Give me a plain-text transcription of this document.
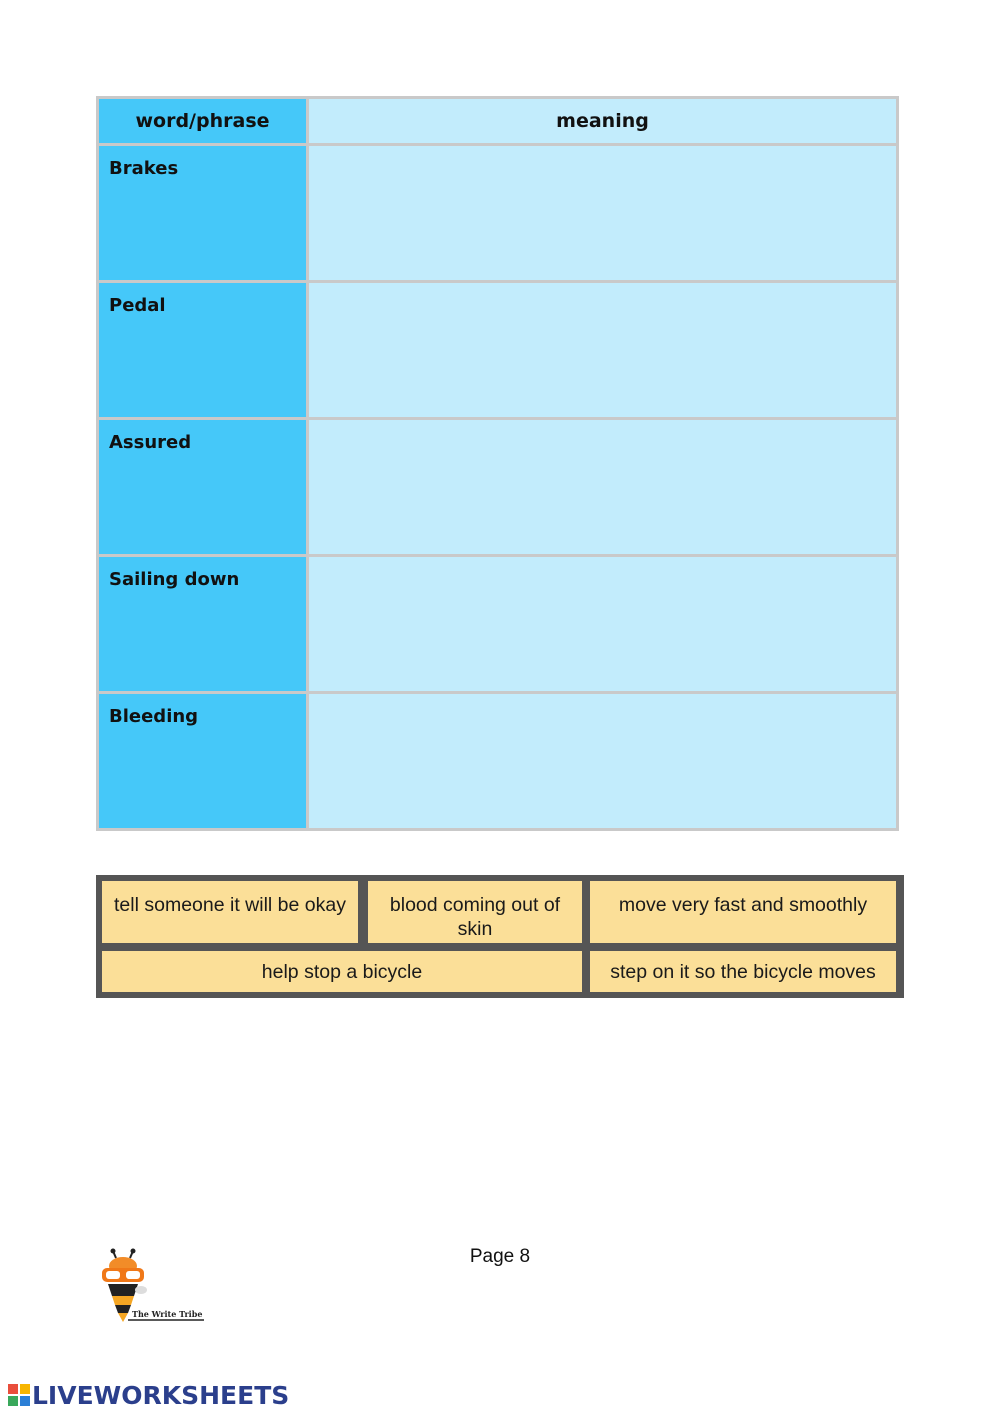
word/phrase	meaning
Brakes	

Pedal	

Assured	

Sailing down	

Bleeding	
tell someone it will be okay	blood coming out of skin
move very fast and smoothly
help stop a bicycle	step on it so the bicycle moves
Page 8
The Write Tribe
LIVEWORKSHEETS
